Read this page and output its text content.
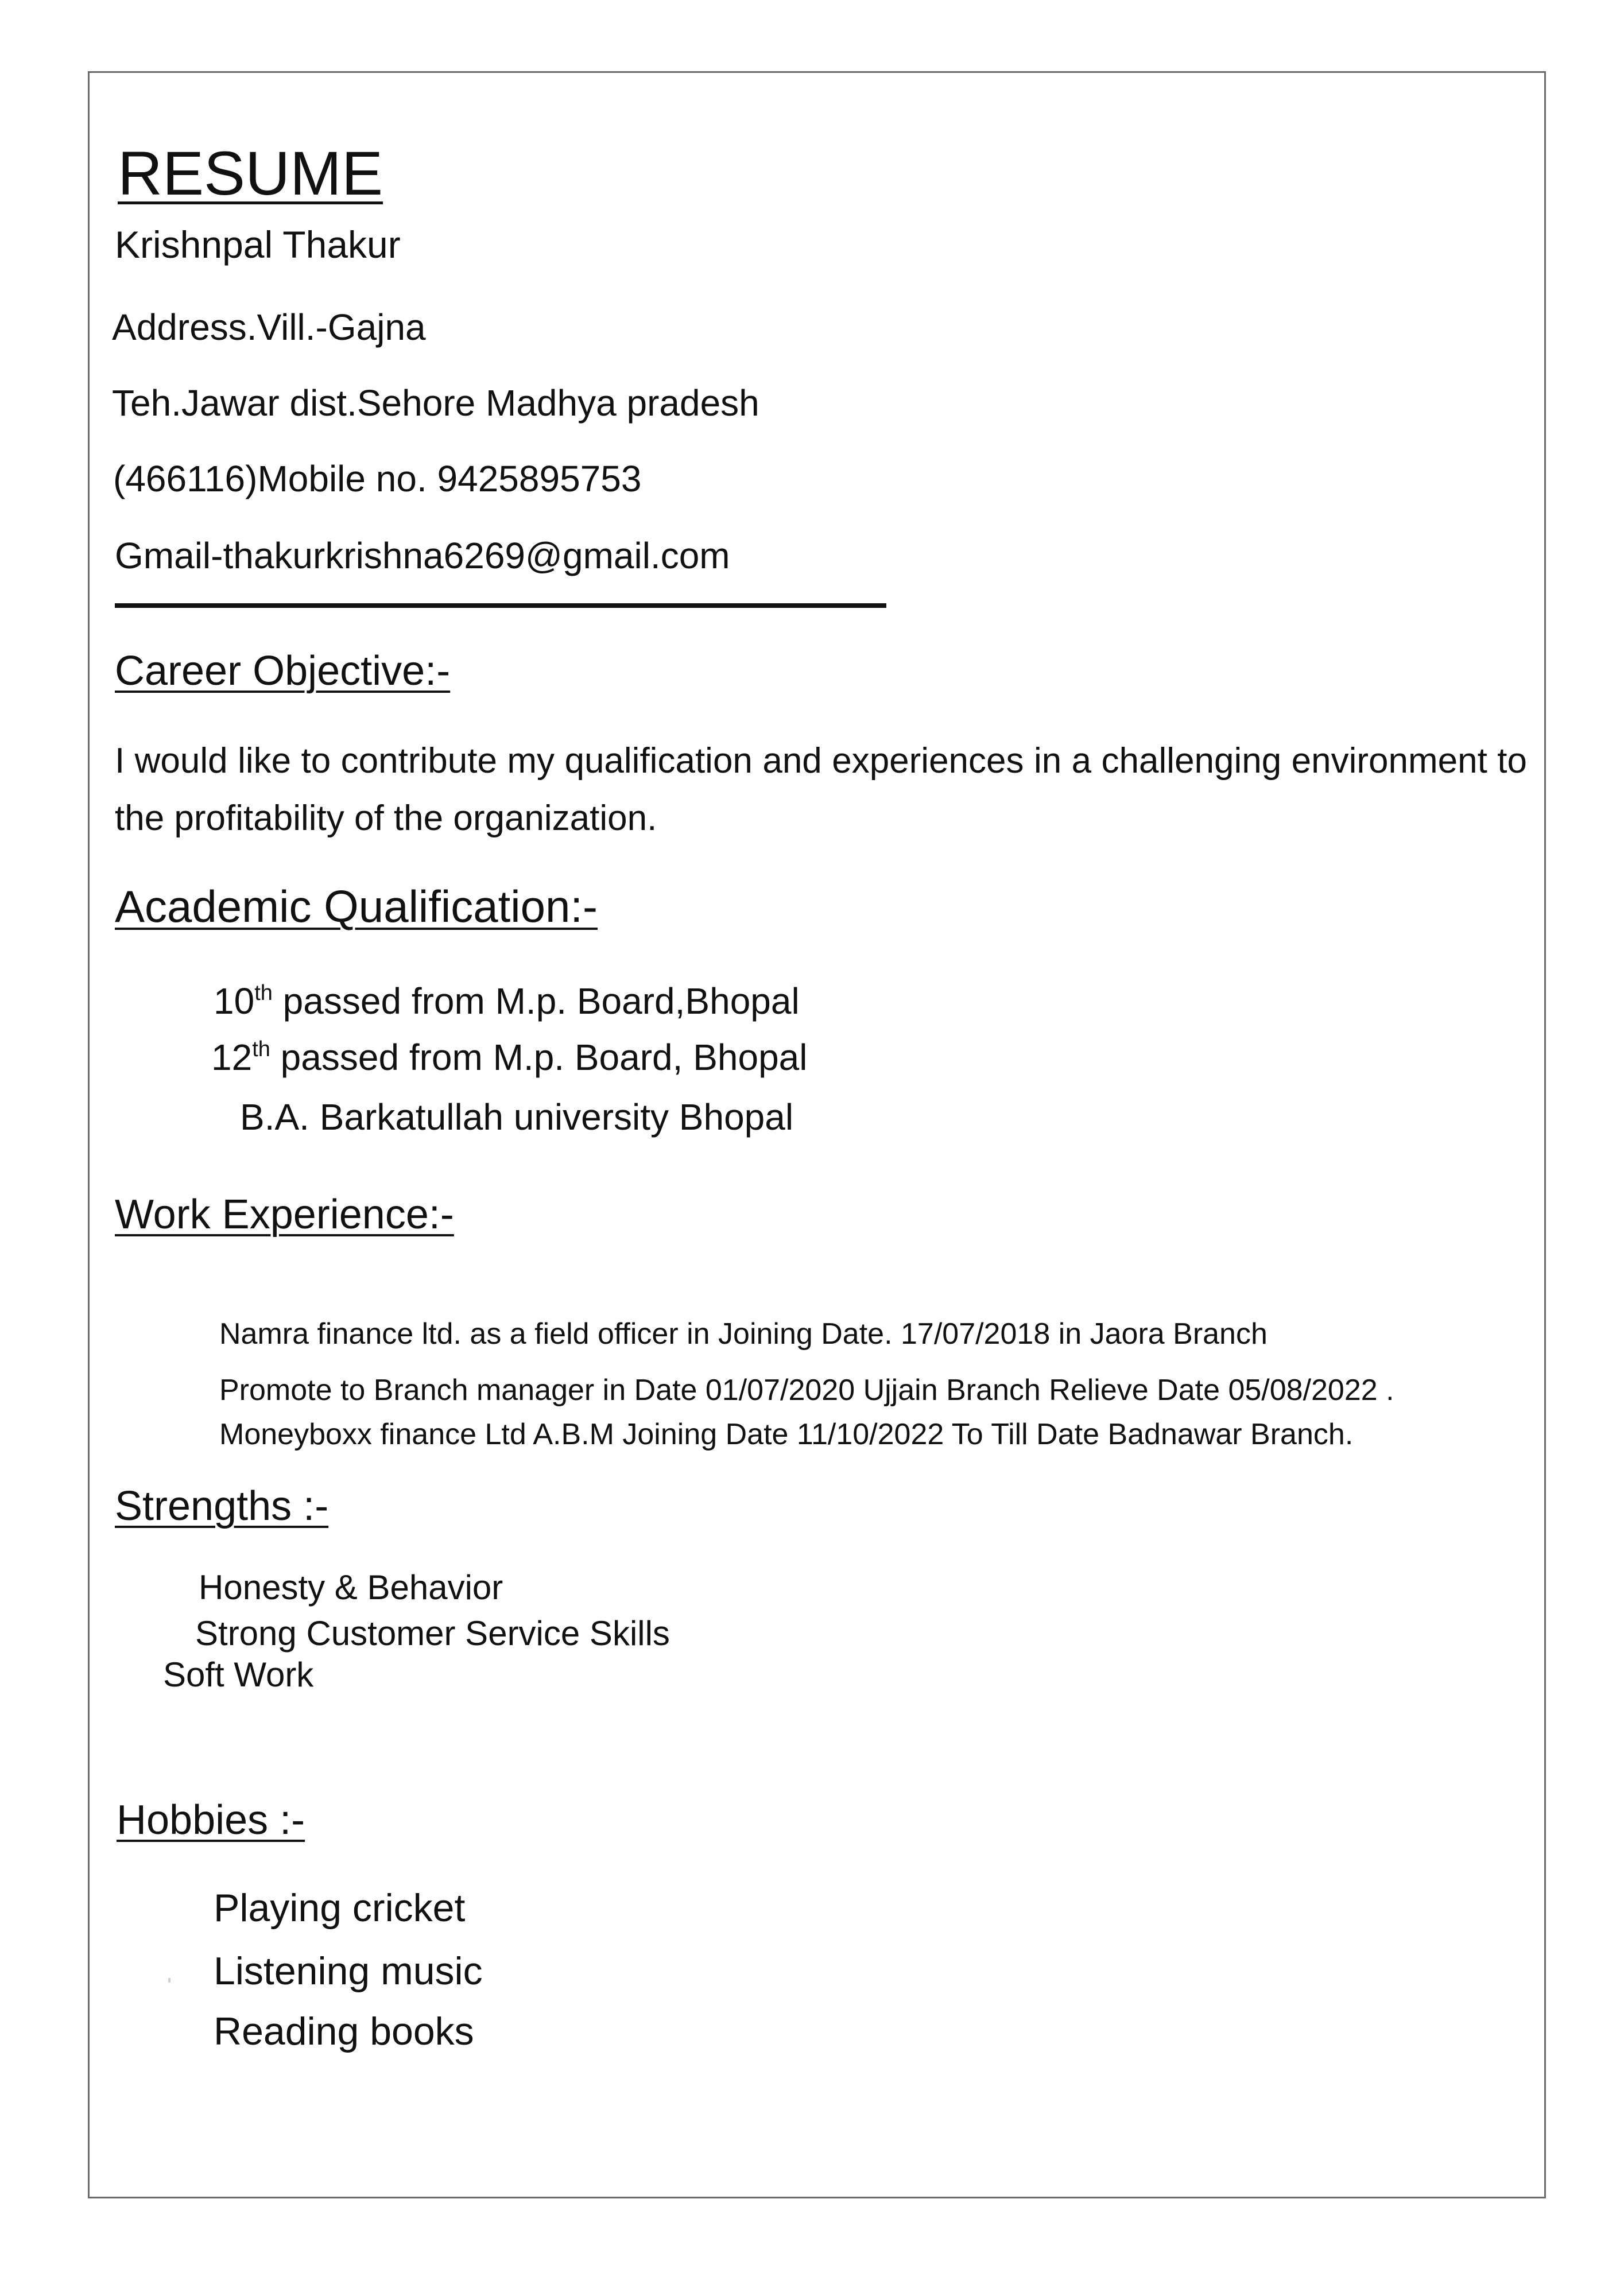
RESUME
Krishnpal Thakur
Address.Vill.-Gajna
Teh.Jawar dist.Sehore Madhya pradesh
(466116)Mobile no. 9425895753
Gmail-thakurkrishna6269@gmail.com
Career Objective:-
I would like to contribute my qualification and experiences in a challenging environment to the profitability of the organization.
Academic Qualification:-
10th passed from M.p. Board,Bhopal
12th passed from M.p. Board, Bhopal
B.A. Barkatullah university Bhopal
Work Experience:-
Namra finance ltd. as a field officer in Joining Date. 17/07/2018 in Jaora Branch
Promote to Branch manager in Date 01/07/2020 Ujjain Branch Relieve Date 05/08/2022 .
Moneyboxx finance Ltd A.B.M Joining Date 11/10/2022 To Till Date Badnawar Branch.
Strengths :-
Honesty & Behavior
Strong Customer Service Skills
Soft Work
Hobbies :-
Playing cricket
Listening music
Reading books
